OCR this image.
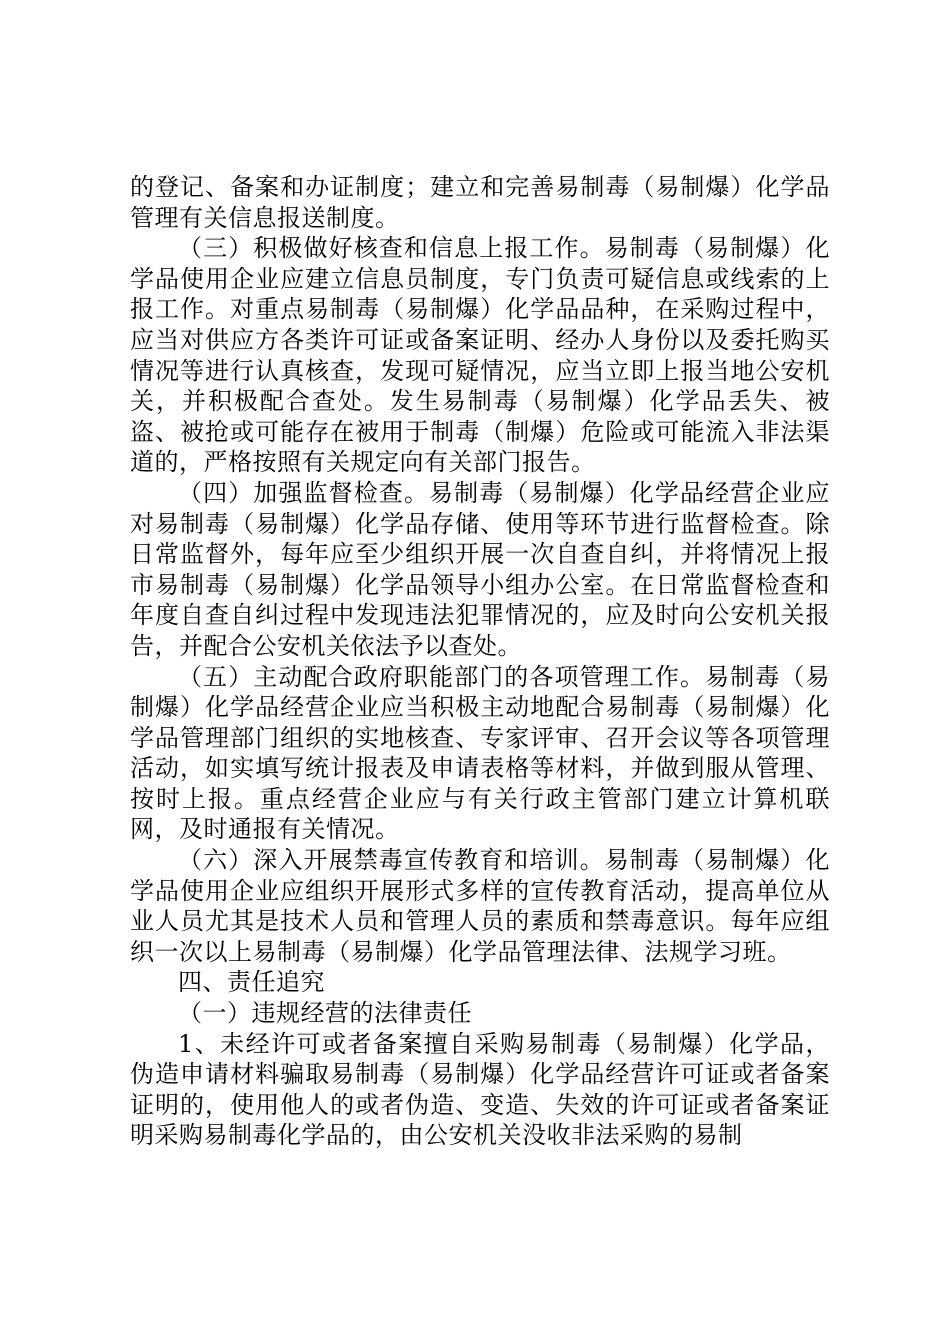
的登记、备案和办证制度；建立和完善易制毒（易制爆）化学品管理有关信息报送制度。

（三）积极做好核查和信息上报工作。易制毒（易制爆）化学品使用企业应建立信息员制度，专门负责可疑信息或线索的上报工作。对重点易制毒（易制爆）化学品品种，在采购过程中，应当对供应方各类许可证或备案证明、经办人身份以及委托购买情况等进行认真核查，发现可疑情况，应当立即上报当地公安机关，并积极配合查处。发生易制毒（易制爆）化学品丢失、被盗、被抢或可能存在被用于制毒（制爆）危险或可能流入非法渠道的，严格按照有关规定向有关部门报告。

（四）加强监督检查。易制毒（易制爆）化学品经营企业应对易制毒（易制爆）化学品存储、使用等环节进行监督检查。除日常监督外，每年应至少组织开展一次自查自纠，并将情况上报市易制毒（易制爆）化学品领导小组办公室。在日常监督检查和年度自查自纠过程中发现违法犯罪情况的，应及时向公安机关报告，并配合公安机关依法予以查处。

（五）主动配合政府职能部门的各项管理工作。易制毒（易制爆）化学品经营企业应当积极主动地配合易制毒（易制爆）化学品管理部门组织的实地核查、专家评审、召开会议等各项管理活动，如实填写统计报表及申请表格等材料，并做到服从管理、按时上报。重点经营企业应与有关行政主管部门建立计算机联网，及时通报有关情况。

（六）深入开展禁毒宣传教育和培训。易制毒（易制爆）化学品使用企业应组织开展形式多样的宣传教育活动，提高单位从业人员尤其是技术人员和管理人员的素质和禁毒意识。每年应组织一次以上易制毒（易制爆）化学品管理法律、法规学习班。

四、责任追究

（一）违规经营的法律责任

1、未经许可或者备案擅自采购易制毒（易制爆）化学品，伪造申请材料骗取易制毒（易制爆）化学品经营许可证或者备案证明的，使用他人的或者伪造、变造、失效的许可证或者备案证明采购易制毒化学品的，由公安机关没收非法采购的易制
